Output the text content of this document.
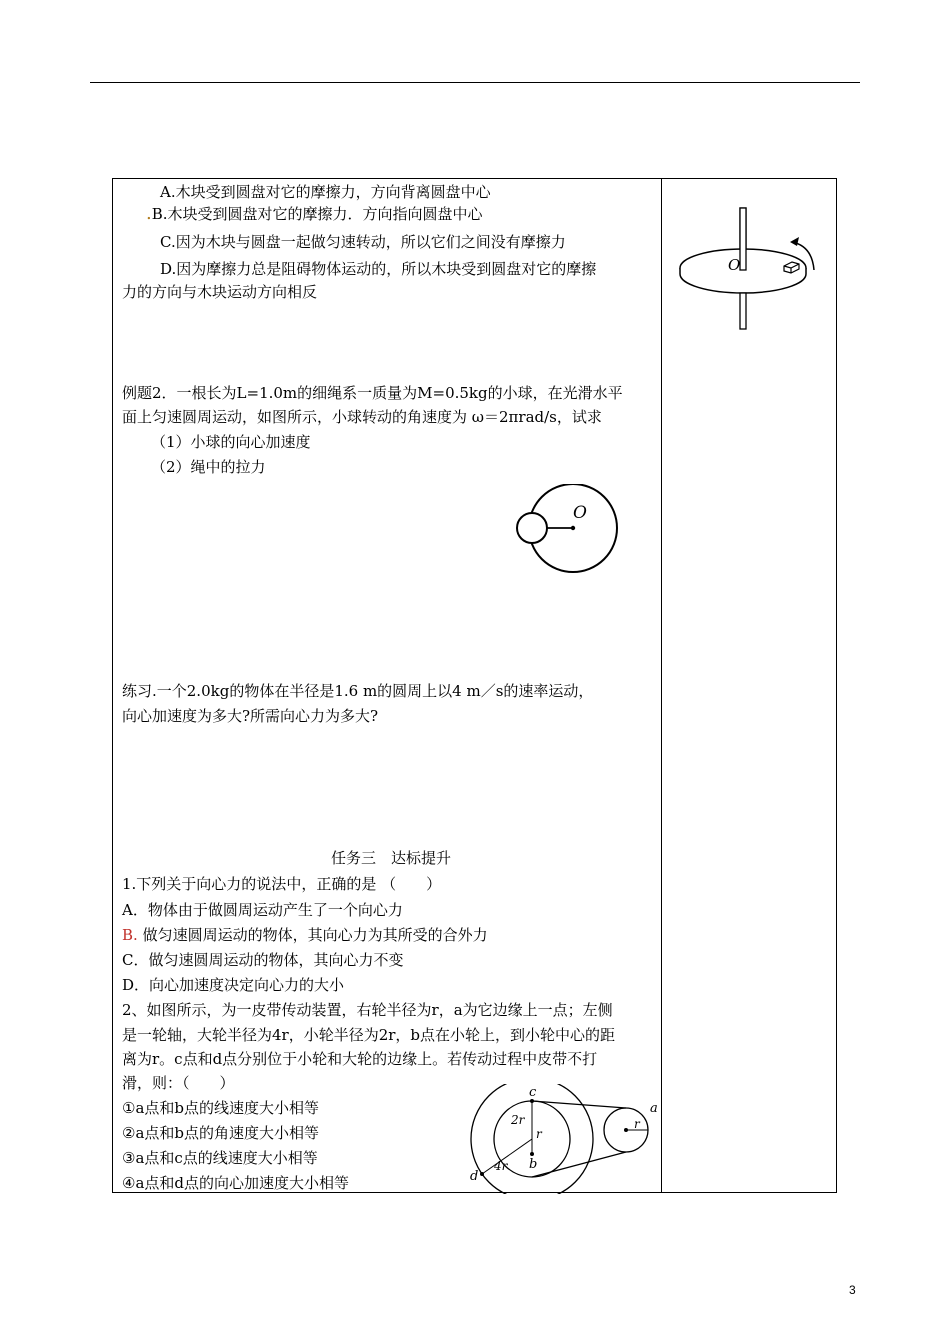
A.木块受到圆盘对它的摩擦力，方向背离圆盘中心
.B.木块受到圆盘对它的摩擦力．方向指向圆盘中心
C.因为木块与圆盘一起做匀速转动，所以它们之间没有摩擦力
D.因为摩擦力总是阻碍物体运动的，所以木块受到圆盘对它的摩擦
力的方向与木块运动方向相反
例题2．一根长为L=1.0m的细绳系一质量为M=0.5kg的小球，在光滑水平
面上匀速圆周运动，如图所示，小球转动的角速度为 ω＝2πrad/s，试求
（1）小球的向心加速度
（2）绳中的拉力
O
练习.一个2.0kg的物体在半径是1.6 m的圆周上以4 m／s的速率运动，
向心加速度为多大?所需向心力为多大?
任务三　达标提升
1.下列关于向心力的说法中，正确的是 （　　）
A．物体由于做圆周运动产生了一个向心力
B. 做匀速圆周运动的物体，其向心力为其所受的合外力
C．做匀速圆周运动的物体，其向心力不变
D．向心加速度决定向心力的大小
2、如图所示，为一皮带传动装置，右轮半径为r，a为它边缘上一点；左侧
是一轮轴，大轮半径为4r，小轮半径为2r，b点在小轮上，到小轮中心的距
离为r。c点和d点分别位于小轮和大轮的边缘上。若传动过程中皮带不打
滑，则：（　　）
①a点和b点的线速度大小相等
②a点和b点的角速度大小相等
③a点和c点的线速度大小相等
④a点和d点的向心加速度大小相等
c
2r
r
b
d
4r
r
a
O
3
